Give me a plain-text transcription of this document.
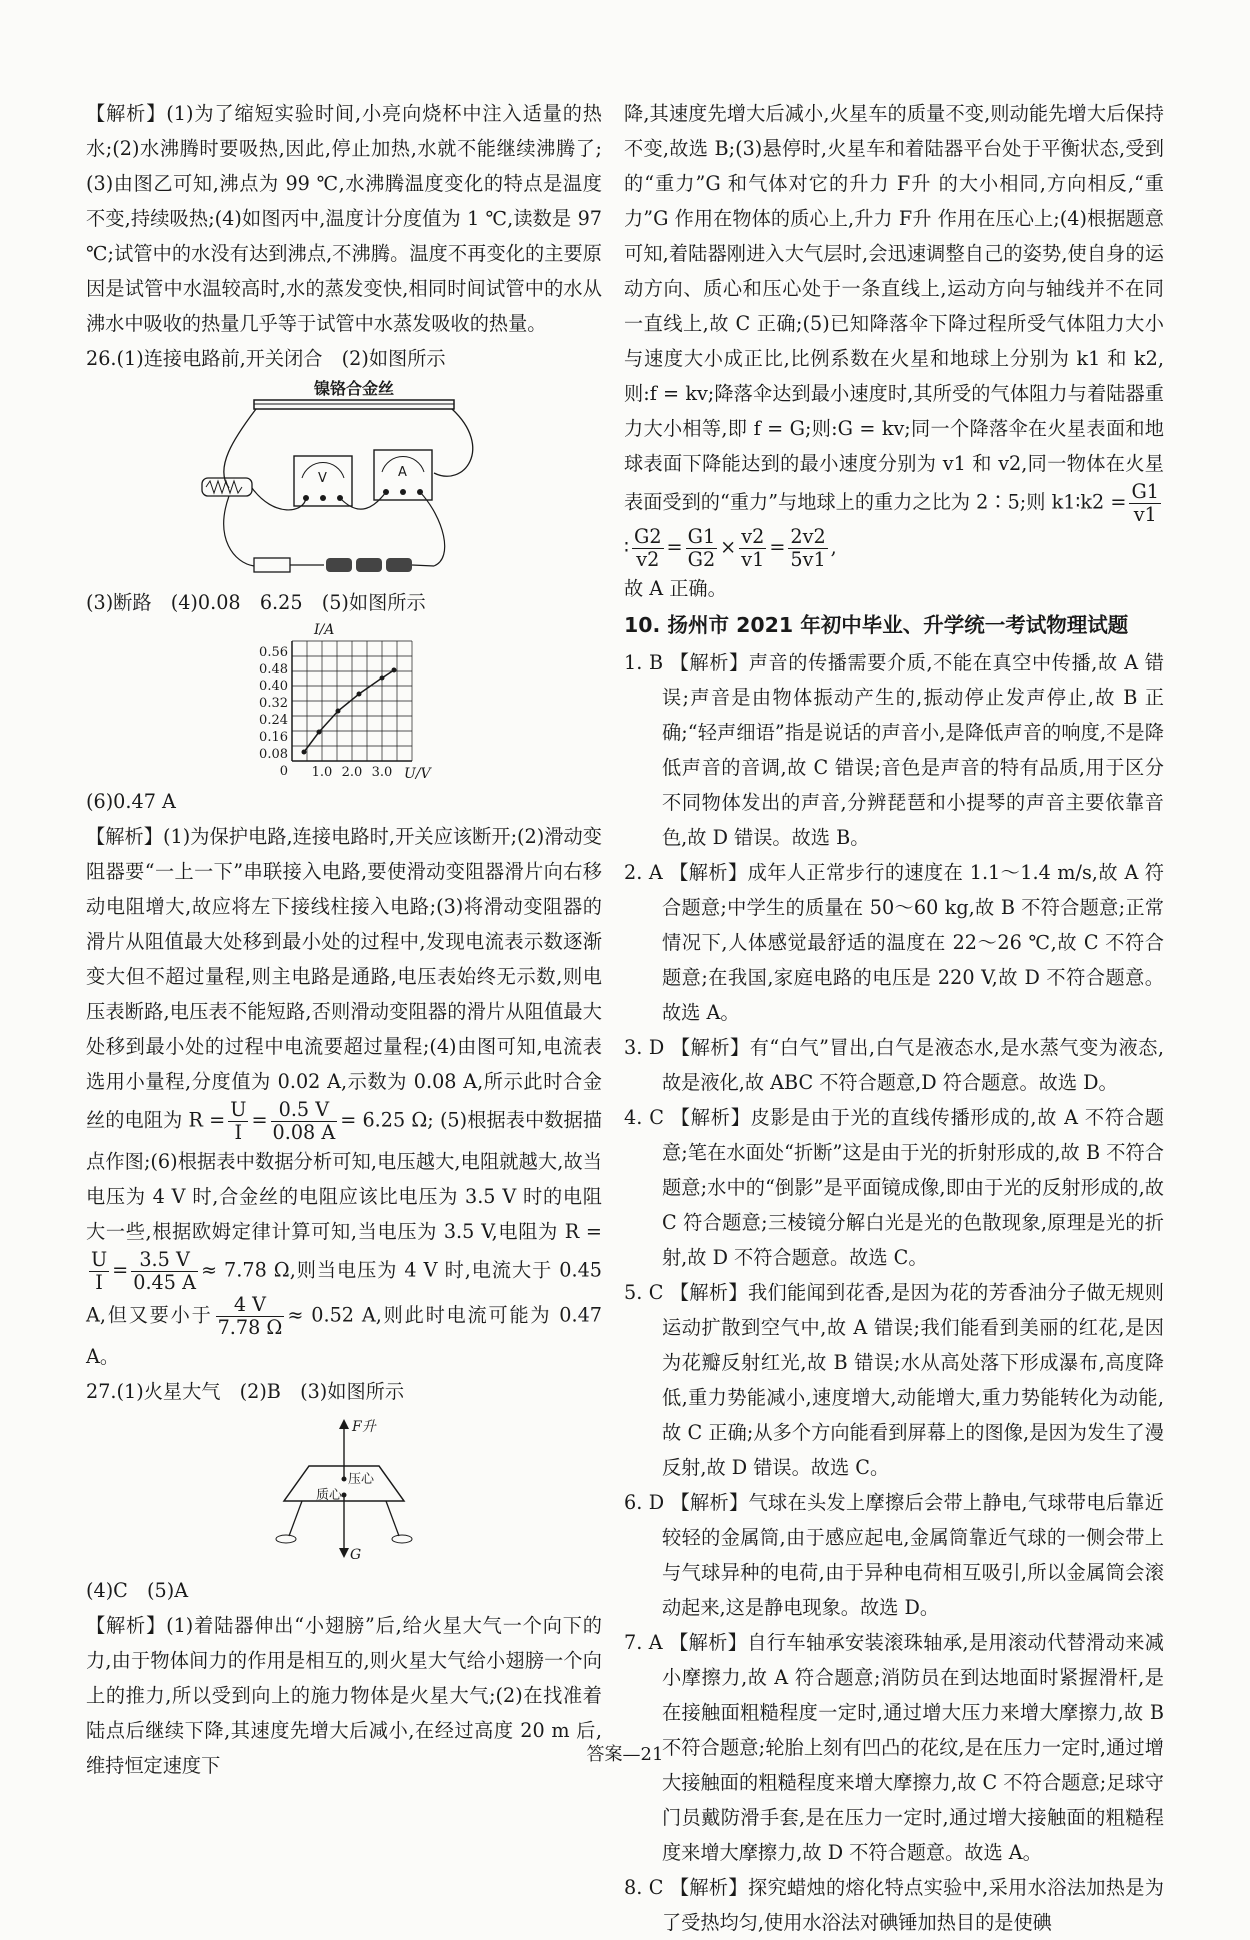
【解析】(1)为了缩短实验时间,小亮向烧杯中注入适量的热水;(2)水沸腾时要吸热,因此,停止加热,水就不能继续沸腾了;(3)由图乙可知,沸点为 99 ℃,水沸腾温度变化的特点是温度不变,持续吸热;(4)如图丙中,温度计分度值为 1 ℃,读数是 97 ℃;试管中的水没有达到沸点,不沸腾。温度不再变化的主要原因是试管中水温较高时,水的蒸发变快,相同时间试管中的水从沸水中吸收的热量几乎等于试管中水蒸发吸收的热量。

26.(1)连接电路前,开关闭合　(2)如图所示

镍铬合金丝
V	A

(3)断路　(4)0.08　6.25　(5)如图所示

I/A
0.56
0.48
0.40
0.32
0.24
0.16
0.08
0 1.0 2.0 3.0 U/V

(6)0.47 A

【解析】(1)为保护电路,连接电路时,开关应该断开;(2)滑动变阻器要“一上一下”串联接入电路,要使滑动变阻器滑片向右移动电阻增大,故应将左下接线柱接入电路;(3)将滑动变阻器的滑片从阻值最大处移到最小处的过程中,发现电流表示数逐渐变大但不超过量程,则主电路是通路,电压表始终无示数,则电压表断路,电压表不能短路,否则滑动变阻器的滑片从阻值最大处移到最小处的过程中电流要超过量程;(4)由图可知,电流表选用小量程,分度值为 0.02 A,示数为 0.08 A,所示此时合金丝的电阻为 $R = \frac{U}{I} = \frac{0.5 V}{0.08 A} = 6.25$ Ω; (5)根据表中数据描点作图;(6)根据表中数据分析可知,电压越大,电阻就越大,故当电压为 4 V 时,合金丝的电阻应该比电压为 3.5 V 时的电阻大一些,根据欧姆定律计算可知,当电压为 3.5 V,电阻为 R =
$\frac{U}{I} = \frac{3.5 V}{0.45 A} \approx 7.78$ Ω,则当电压为 4 V 时,电流大于 0.45 A,但又要小于 $\frac{4 V}{7.78 \Omega} \approx 0.52$ A,则此时电流可能为 0.47 A。

27.(1)火星大气　(2)B　(3)如图所示

F升
压心
质心
G

(4)C　(5)A

【解析】(1)着陆器伸出“小翅膀”后,给火星大气一个向下的力,由于物体间力的作用是相互的,则火星大气给小翅膀一个向上的推力,所以受到向上的施力物体是火星大气;(2)在找准着陆点后继续下降,其速度先增大后减小,在经过高度 20 m 后,维持恒定速度下

降,其速度先增大后减小,火星车的质量不变,则动能先增大后保持不变,故选 B;(3)悬停时,火星车和着陆器平台处于平衡状态,受到的“重力”G 和气体对它的升力 F升 的大小相同,方向相反,“重力”G 作用在物体的质心上,升力 F升 作用在压心上;(4)根据题意可知,着陆器刚进入大气层时,会迅速调整自己的姿势,使自身的运动方向、质心和压心处于一条直线上,运动方向与轴线并不在同一直线上,故 C 正确;(5)已知降落伞下降过程所受气体阻力大小与速度大小成正比,比例系数在火星和地球上分别为 k1 和 k2,则:f = kv;降落伞达到最小速度时,其所受的气体阻力与着陆器重力大小相等,即 f = G;则:G = kv;同一个降落伞在火星表面和地球表面下降能达到的最小速度分别为 v1 和 v2,同一物体在火星表面受到的“重力”与地球上的重力之比为 2∶5;则 k1∶k2 = $\frac{G1}{v1}$
∶ $\frac{G2}{v2} = \frac{G1}{G2} \times \frac{v2}{v1} = \frac{2v2}{5v1}$ ,

故 A 正确。

10. 扬州市 2021 年初中毕业、升学统一考试物理试题

1. B 【解析】声音的传播需要介质,不能在真空中传播,故 A 错误;声音是由物体振动产生的,振动停止发声停止,故 B 正确;“轻声细语”指是说话的声音小,是降低声音的响度,不是降低声音的音调,故 C 错误;音色是声音的特有品质,用于区分不同物体发出的声音,分辨琵琶和小提琴的声音主要依靠音色,故 D 错误。故选 B。

2. A 【解析】成年人正常步行的速度在 1.1～1.4 m/s,故 A 符合题意;中学生的质量在 50～60 kg,故 B 不符合题意;正常情况下,人体感觉最舒适的温度在 22～26 ℃,故 C 不符合题意;在我国,家庭电路的电压是 220 V,故 D 不符合题意。故选 A。

3. D 【解析】有“白气”冒出,白气是液态水,是水蒸气变为液态,故是液化,故 ABC 不符合题意,D 符合题意。故选 D。

4. C 【解析】皮影是由于光的直线传播形成的,故 A 不符合题意;笔在水面处“折断”这是由于光的折射形成的,故 B 不符合题意;水中的“倒影”是平面镜成像,即由于光的反射形成的,故 C 符合题意;三棱镜分解白光是光的色散现象,原理是光的折射,故 D 不符合题意。故选 C。

5. C 【解析】我们能闻到花香,是因为花的芳香油分子做无规则运动扩散到空气中,故 A 错误;我们能看到美丽的红花,是因为花瓣反射红光,故 B 错误;水从高处落下形成瀑布,高度降低,重力势能减小,速度增大,动能增大,重力势能转化为动能,故 C 正确;从多个方向能看到屏幕上的图像,是因为发生了漫反射,故 D 错误。故选 C。

6. D 【解析】气球在头发上摩擦后会带上静电,气球带电后靠近较轻的金属筒,由于感应起电,金属筒靠近气球的一侧会带上与气球异种的电荷,由于异种电荷相互吸引,所以金属筒会滚动起来,这是静电现象。故选 D。

7. A 【解析】自行车轴承安装滚珠轴承,是用滚动代替滑动来减小摩擦力,故 A 符合题意;消防员在到达地面时紧握滑杆,是在接触面粗糙程度一定时,通过增大压力来增大摩擦力,故 B 不符合题意;轮胎上刻有凹凸的花纹,是在压力一定时,通过增大接触面的粗糙程度来增大摩擦力,故 C 不符合题意;足球守门员戴防滑手套,是在压力一定时,通过增大接触面的粗糙程度来增大摩擦力,故 D 不符合题意。故选 A。

8. C 【解析】探究蜡烛的熔化特点实验中,采用水浴法加热是为了受热均匀,使用水浴法对碘锤加热目的是使碘

答案—21
